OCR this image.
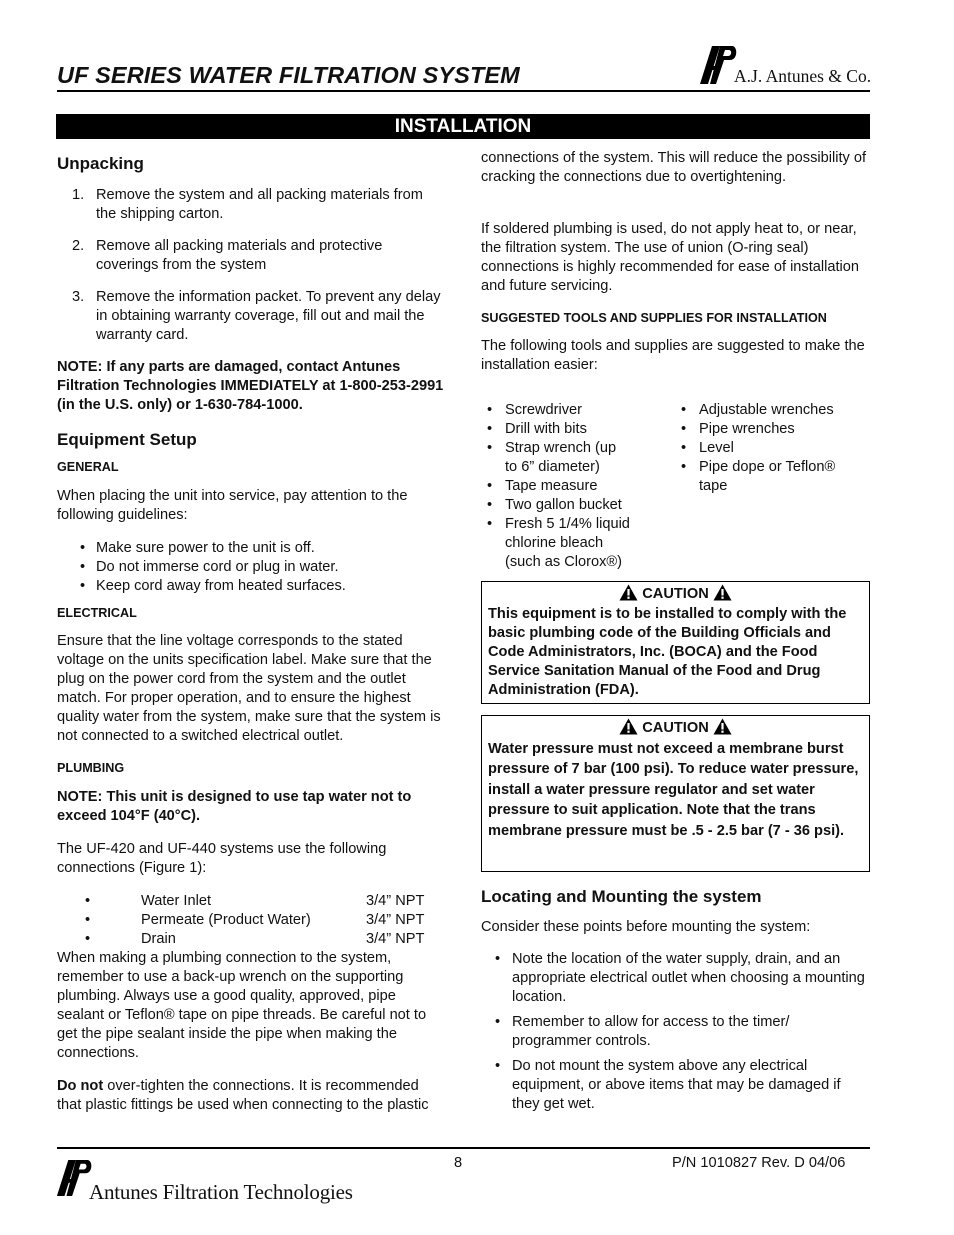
UF SERIES WATER FILTRATION SYSTEM	A.J. Antunes & Co.
INSTALLATION
Unpacking
1. Remove the system and all packing materials from the shipping carton.
2. Remove all packing materials and protective coverings from the system
3. Remove the information packet. To prevent any delay in obtaining warranty coverage, fill out and mail the warranty card.

NOTE: If any parts are damaged, contact Antunes Filtration Technologies IMMEDIATELY at 1-800-253-2991 (in the U.S. only) or 1-630-784-1000.

Equipment Setup
GENERAL

When placing the unit into service, pay attention to the following guidelines:

• Make sure power to the unit is off.
• Do not immerse cord or plug in water.
• Keep cord away from heated surfaces.
ELECTRICAL

Ensure that the line voltage corresponds to the stated voltage on the units specification label. Make sure that the plug on the power cord from the system and the outlet match. For proper operation, and to ensure the highest quality water from the system, make sure that the system is not connected to a switched electrical outlet.

PLUMBING

NOTE: This unit is designed to use tap water not to exceed 104°F (40°C).

The UF-420 and UF-440 systems use the following connections (Figure 1):

•	Water Inlet	3/4” NPT
•	Permeate (Product Water)	3/4” NPT
•	Drain	3/4” NPT

When making a plumbing connection to the system, remember to use a back-up wrench on the supporting plumbing. Always use a good quality, approved, pipe sealant or Teflon® tape on pipe threads. Be careful not to get the pipe sealant inside the pipe when making the connections.

Do not over-tighten the connections. It is recommended that plastic fittings be used when connecting to the plastic

connections of the system. This will reduce the possibility of cracking the connections due to overtightening.

If soldered plumbing is used, do not apply heat to, or near, the filtration system. The use of union (O-ring seal) connections is highly recommended for ease of installation and future servicing.

SUGGESTED TOOLS AND SUPPLIES FOR INSTALLATION

The following tools and supplies are suggested to make the installation easier:

• Screwdriver
• Drill with bits
• Strap wrench (up to 6” diameter)
• Tape measure
• Two gallon bucket
• Fresh 5 1/4% liquid chlorine bleach (such as Clorox®)
• Adjustable wrenches
• Pipe wrenches
• Level
• Pipe dope or Teflon® tape
CAUTION
This equipment is to be installed to comply with the basic plumbing code of the Building Officials and Code Administrators, Inc. (BOCA) and the Food Service Sanitation Manual of the Food and Drug Administration (FDA).
CAUTION
Water pressure must not exceed a membrane burst pressure of 7 bar (100 psi). To reduce water pressure, install a water pressure regulator and set water pressure to suit application. Note that the trans membrane pressure must be .5 - 2.5 bar (7 - 36 psi).
Locating and Mounting the system

Consider these points before mounting the system:

• Note the location of the water supply, drain, and an appropriate electrical outlet when choosing a mounting location.
• Remember to allow for access to the timer/ programmer controls.
• Do not mount the system above any electrical equipment, or above items that may be damaged if they get wet.
8	P/N 1010827 Rev. D 04/06
Antunes Filtration Technologies
